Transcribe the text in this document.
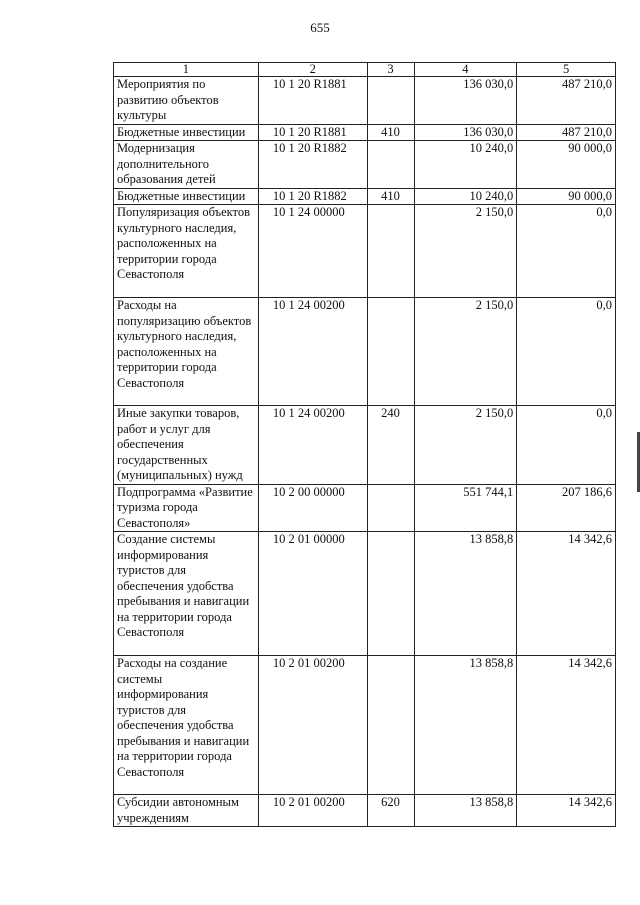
655
1	2	3	4	5
Мероприятия по развитию объектов культуры	10 1 20 R1881		136 030,0	487 210,0
Бюджетные инвестиции	10 1 20 R1881	410	136 030,0	487 210,0
Модернизация дополнительного образования детей	10 1 20 R1882		10 240,0	90 000,0
Бюджетные инвестиции	10 1 20 R1882	410	10 240,0	90 000,0
Популяризация объектов культурного наследия, расположенных на территории города Севастополя	10 1 24 00000		2 150,0	0,0
Расходы на популяризацию объектов культурного наследия, расположенных на территории города Севастополя	10 1 24 00200		2 150,0	0,0
Иные закупки товаров, работ и услуг для обеспечения государственных (муниципальных) нужд	10 1 24 00200	240	2 150,0	0,0
Подпрограмма «Развитие туризма города Севастополя»	10 2 00 00000		551 744,1	207 186,6
Создание системы информирования туристов для обеспечения удобства пребывания и навигации на территории города Севастополя	10 2 01 00000		13 858,8	14 342,6
Расходы на создание системы информирования туристов для обеспечения удобства пребывания и навигации на территории города Севастополя	10 2 01 00200		13 858,8	14 342,6
Субсидии автономным учреждениям	10 2 01 00200	620	13 858,8	14 342,6
